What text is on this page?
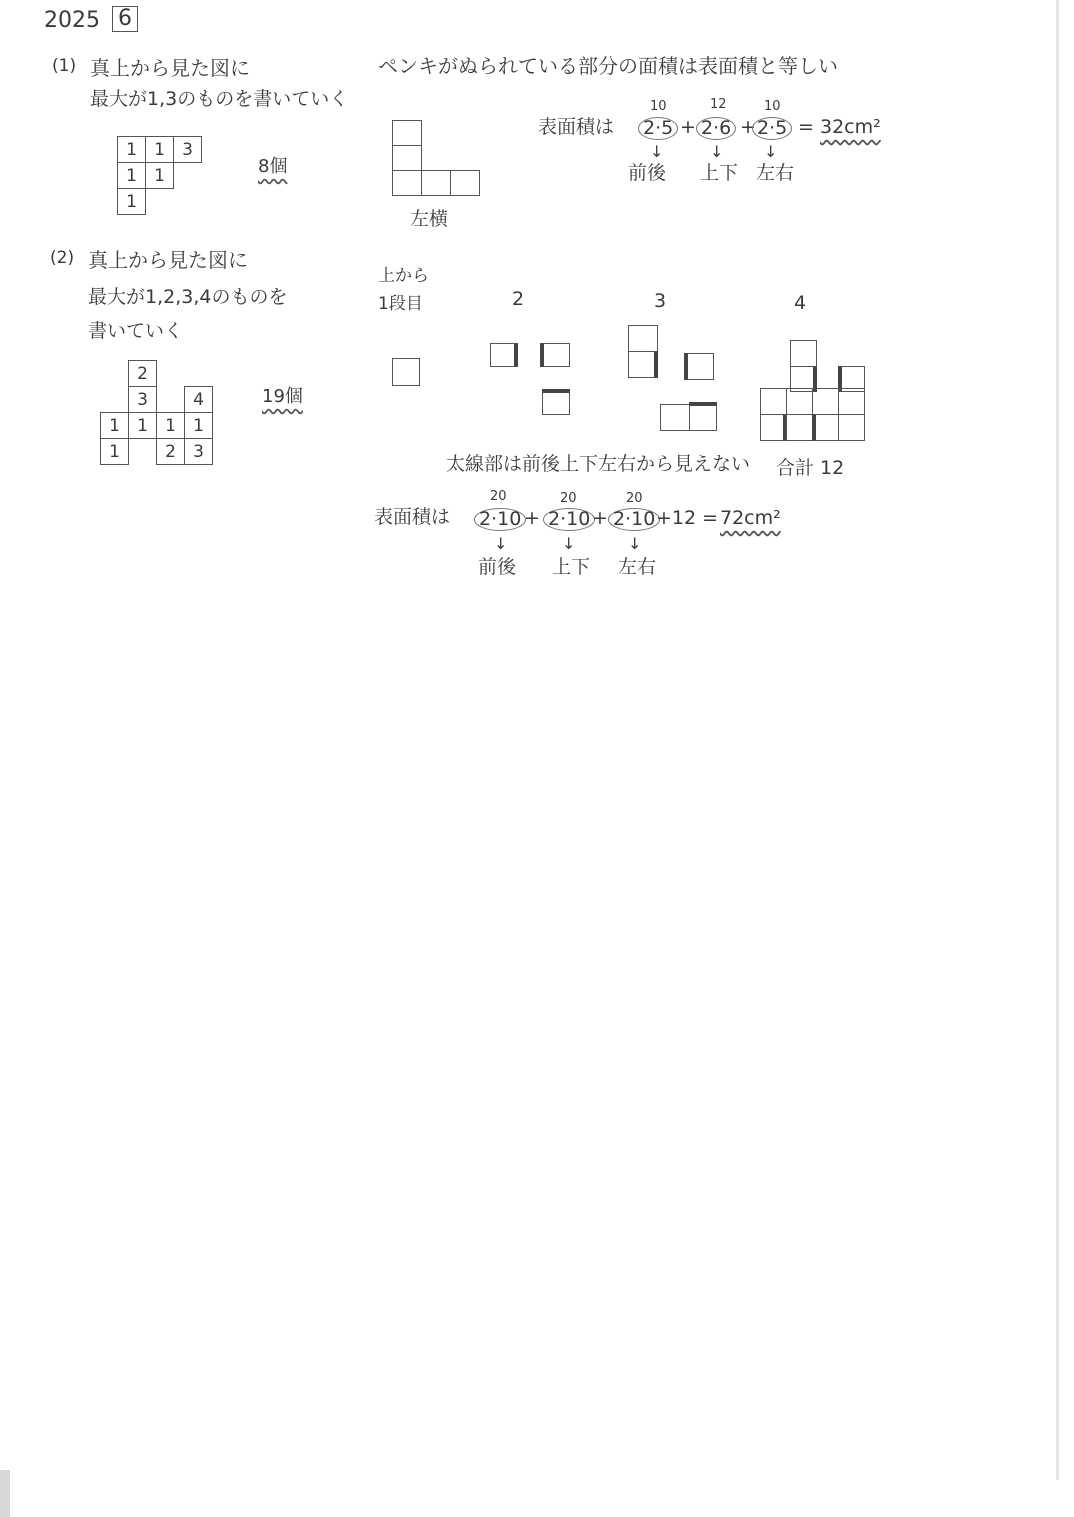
2025 6
(1) 真上から見た図に
最大が1,3のものを書いていく
1	1	3
1	1	
1		
8個
(2) 真上から見た図に
最大が1,2,3,4のものを
書いていく
	2		
	3		4
1	1	1	1
1		2	3
19個
ペンキがぬられている部分の面積は表面積と等しい
左横
表面積は
10
2·5 +
12
2·6 +
10
2·5 = 32cm²
↓	↓	↓
前後 上下 左右
上から
1段目	2	3	4
太線部は前後上下左右から見えない 合計 12
表面積は
20
2·10 +
20
2·10 +
20
2·10 +12 = 72cm²
↓	↓	↓
前後 上下 左右
